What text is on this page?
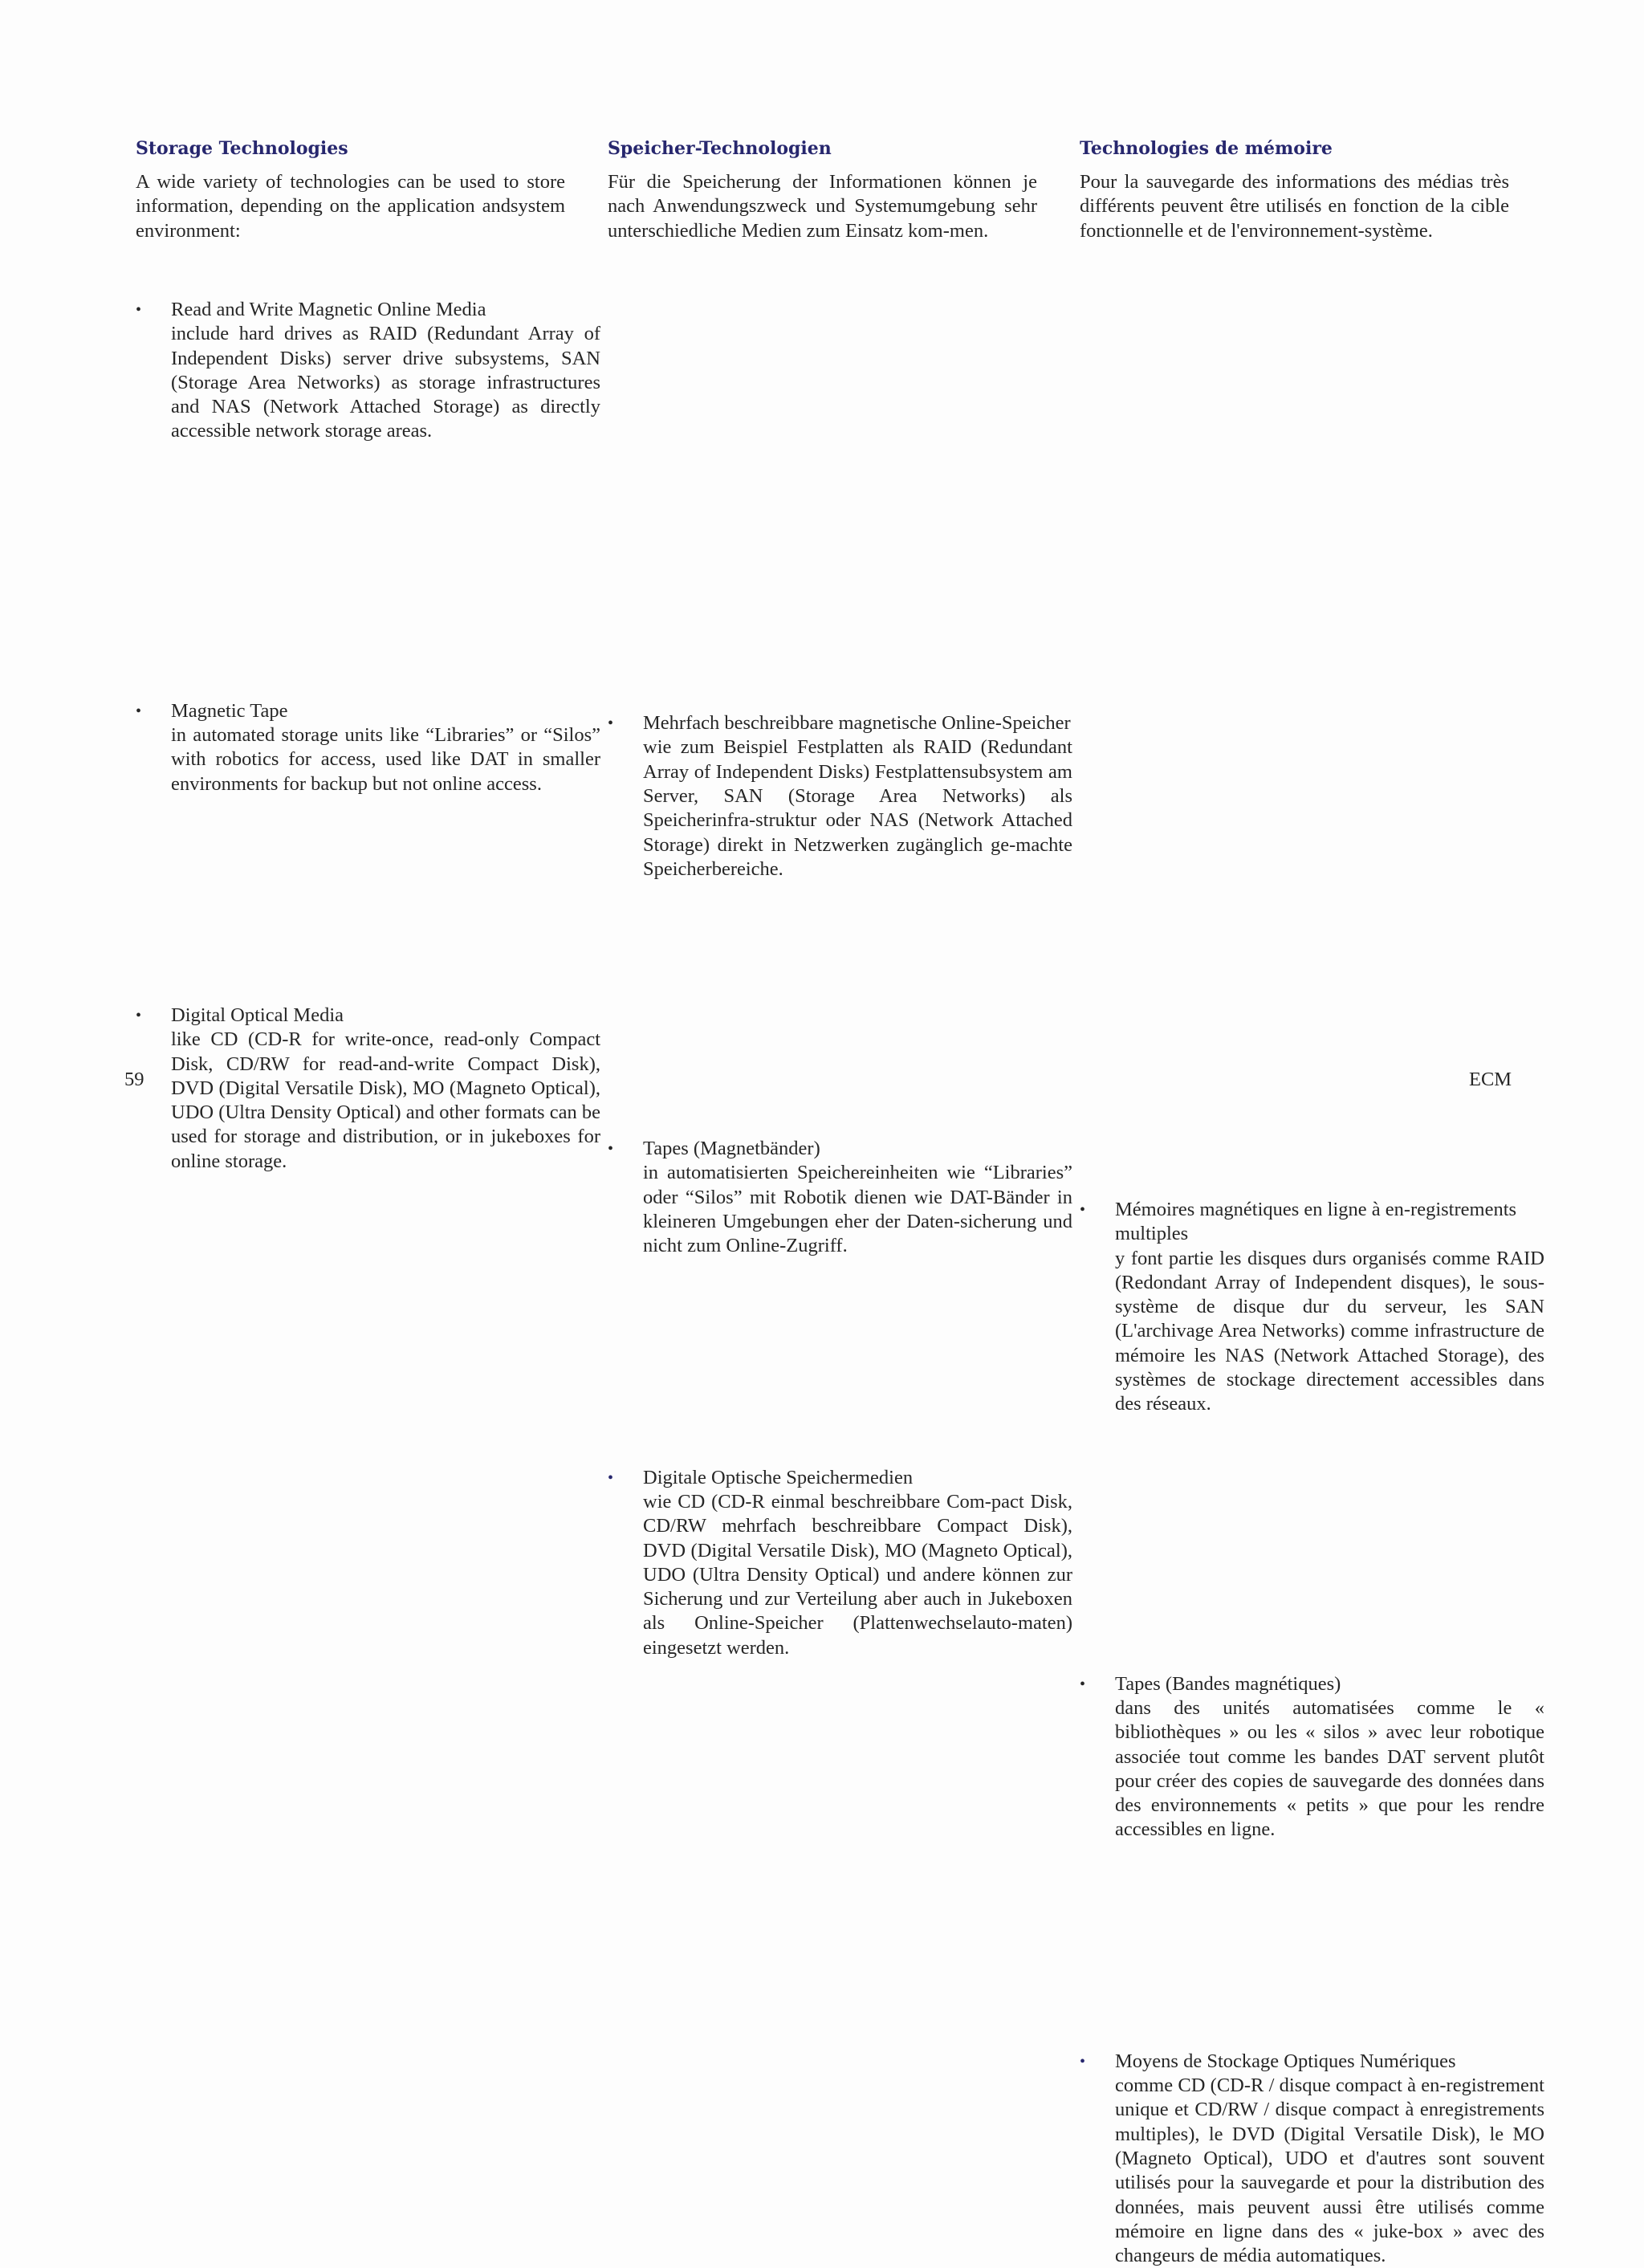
Storage Technologies

A wide variety of technologies can be used to store information, depending on the application andsystem environment:

•	Read and Write Magnetic Online Media
include hard drives as RAID (Redundant Array of Independent Disks) server drive subsystems, SAN (Storage Area Networks) as storage infrastructures and NAS (Network Attached Storage) as directly accessible network storage areas.
•	Magnetic Tape
in automated storage units like “Libraries” or “Silos” with robotics for access, used like DAT in smaller environments for backup but not online access.
•	Digital Optical Media
like CD (CD-R for write-once, read-only Compact Disk, CD/RW for read-and-write Compact Disk), DVD (Digital Versatile Disk), MO (Magneto Optical), UDO (Ultra Density Optical) and other formats can be used for storage and distribution, or in jukeboxes for online storage.
Speicher-Technologien

Für die Speicherung der Informationen können je nach Anwendungszweck und Systemumgebung sehr unterschiedliche Medien zum Einsatz kom-men.

•	Mehrfach beschreibbare magnetische Online-Speicher
wie zum Beispiel Festplatten als RAID (Redundant Array of Independent Disks) Festplattensubsystem am Server, SAN (Storage Area Networks) als Speicherinfra-struktur oder NAS (Network Attached Storage) direkt in Netzwerken zugänglich ge-machte Speicherbereiche.
•	Tapes (Magnetbänder)
in automatisierten Speichereinheiten wie “Libraries” oder “Silos” mit Robotik dienen wie DAT-Bänder in kleineren Umgebungen eher der Daten-sicherung und nicht zum Online-Zugriff.
•	Digitale Optische Speichermedien
wie CD (CD-R einmal beschreibbare Com-pact Disk, CD/RW mehrfach beschreibbare Compact Disk), DVD (Digital Versatile Disk), MO (Magneto Optical), UDO (Ultra Density Optical) und andere können zur Sicherung und zur Verteilung aber auch in Jukeboxen als Online-Speicher (Plattenwechselauto-maten) eingesetzt werden.
Technologies de mémoire

Pour la sauvegarde des informations des médias très différents peuvent être utilisés en fonction de la cible fonctionnelle et de l'environnement-système.

•	Mémoires magnétiques en ligne à en-registrements multiples
y font partie les disques durs organisés comme RAID (Redondant Array of Independent disques), le sous-système de disque dur du serveur, les SAN (L'archivage Area Networks) comme infrastructure de mémoire les NAS (Network Attached Storage), des systèmes de stockage directement accessibles dans des réseaux.
•	Tapes (Bandes magnétiques)
dans des unités automatisées comme le « bibliothèques » ou les « silos » avec leur robotique associée tout comme les bandes DAT servent plutôt pour créer des copies de sauvegarde des données dans des environnements « petits » que pour les rendre accessibles en ligne.
•	Moyens de Stockage Optiques Numériques
comme CD (CD-R / disque compact à en-registrement unique et CD/RW / disque compact à enregistrements multiples), le DVD (Digital Versatile Disk), le MO (Magneto Optical), UDO et d'autres sont souvent utilisés pour la sauvegarde et pour la distribution des données, mais peuvent aussi être utilisés comme mémoire en ligne dans des « juke-box » avec des changeurs de média automatiques.
59	ECM
